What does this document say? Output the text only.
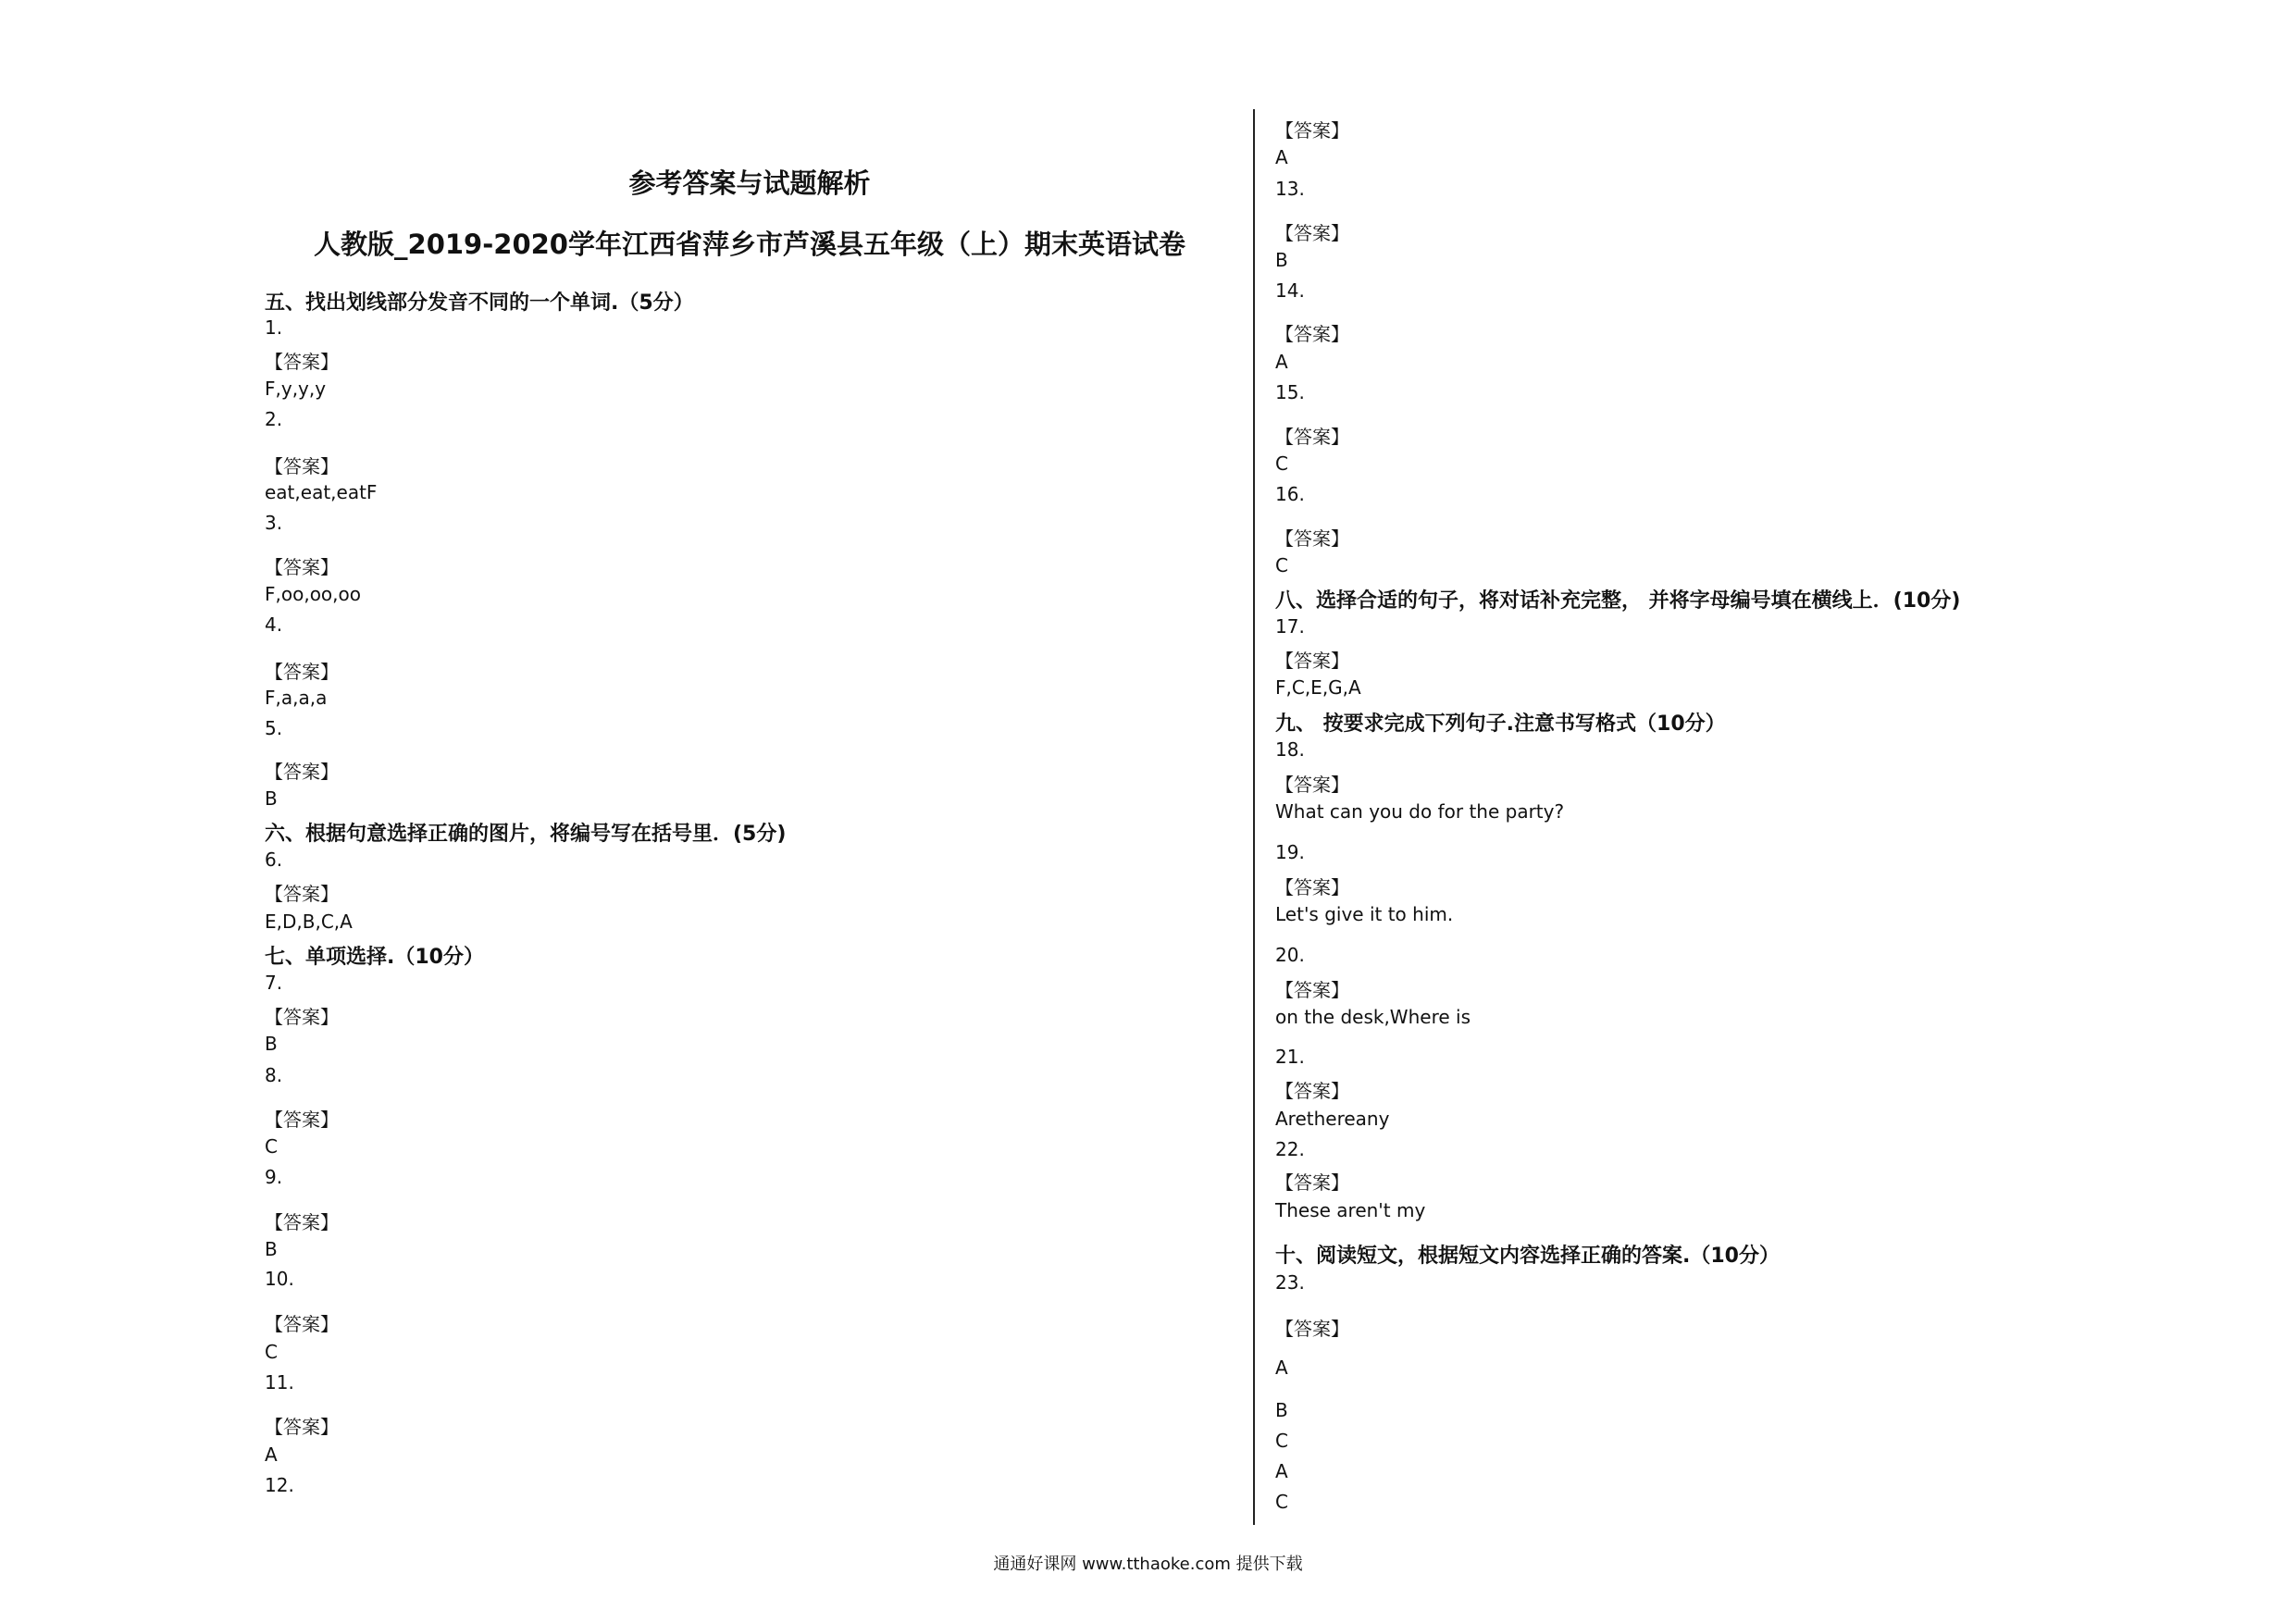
参考答案与试题解析
人教版_2019-2020学年江西省萍乡市芦溪县五年级（上）期末英语试卷
五、找出划线部分发音不同的一个单词.（5分）
1.
【答案】
F,y,y,y
2.
【答案】
eat,eat,eatF
3.
【答案】
F,oo,oo,oo
4.
【答案】
F,a,a,a
5.
【答案】
B
六、根据句意选择正确的图片，将编号写在括号里．(5分)
6.
【答案】
E,D,B,C,A
七、单项选择.（10分）
7.
【答案】
B
8.
【答案】
C
9.
【答案】
B
10.
【答案】
C
11.
【答案】
A
12.
【答案】
A
13.
【答案】
B
14.
【答案】
A
15.
【答案】
C
16.
【答案】
C
八、选择合适的句子，将对话补充完整， 并将字母编号填在横线上．(10分)
17.
【答案】
F,C,E,G,A
九、 按要求完成下列句子.注意书写格式（10分）
18.
【答案】
What can you do for the party?
19.
【答案】
Let's give it to him.
20.
【答案】
on the desk,Where is
21.
【答案】
Arethereany
22.
【答案】
These aren't my
十、阅读短文，根据短文内容选择正确的答案.（10分）
23.
【答案】
A
B
C
A
C
通通好课网 www.tthaoke.com 提供下载
